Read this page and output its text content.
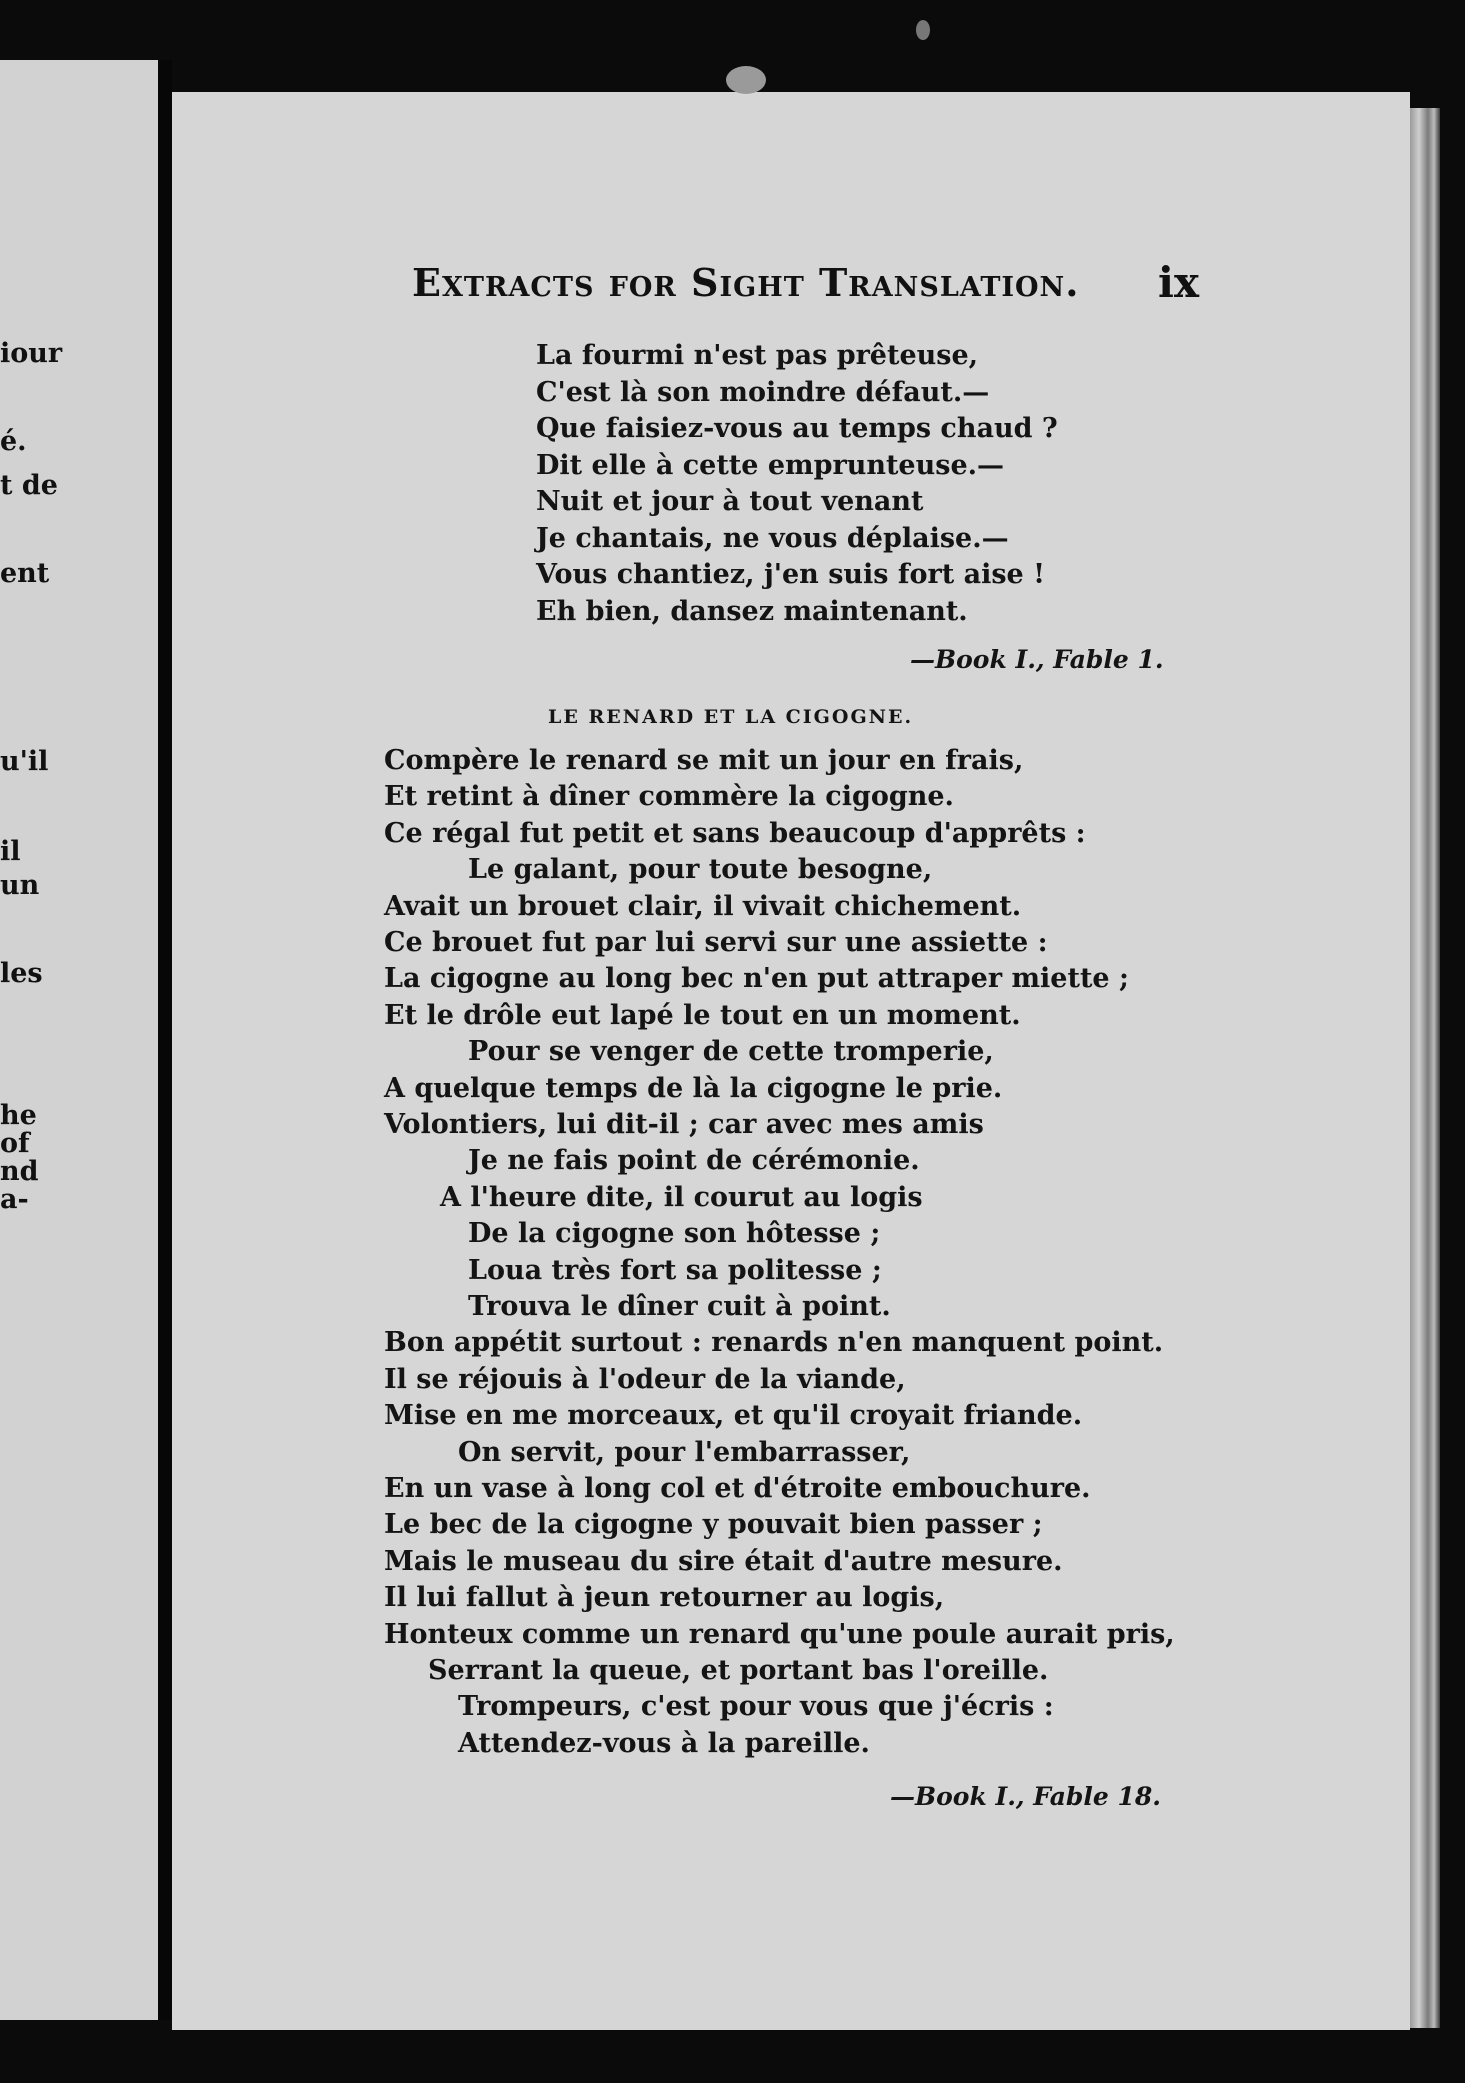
iour
é.
t de
ent
u'il
il
un
les
he
of
nd
a-
Extracts for Sight Translation. ix
La fourmi n'est pas prêteuse,
C'est là son moindre défaut.—
Que faisiez-vous au temps chaud ?
Dit elle à cette emprunteuse.—
Nuit et jour à tout venant
Je chantais, ne vous déplaise.—
Vous chantiez, j'en suis fort aise !
Eh bien, dansez maintenant.
—Book I., Fable 1.
LE RENARD ET LA CIGOGNE.
Compère le renard se mit un jour en frais,
Et retint à dîner commère la cigogne.
Ce régal fut petit et sans beaucoup d'apprêts :
Le galant, pour toute besogne,
Avait un brouet clair, il vivait chichement.
Ce brouet fut par lui servi sur une assiette :
La cigogne au long bec n'en put attraper miette ;
Et le drôle eut lapé le tout en un moment.
Pour se venger de cette tromperie,
A quelque temps de là la cigogne le prie.
Volontiers, lui dit-il ; car avec mes amis
Je ne fais point de cérémonie.
A l'heure dite, il courut au logis
De la cigogne son hôtesse ;
Loua très fort sa politesse ;
Trouva le dîner cuit à point.
Bon appétit surtout : renards n'en manquent point.
Il se réjouis à l'odeur de la viande,
Mise en me morceaux, et qu'il croyait friande.
On servit, pour l'embarrasser,
En un vase à long col et d'étroite embouchure.
Le bec de la cigogne y pouvait bien passer ;
Mais le museau du sire était d'autre mesure.
Il lui fallut à jeun retourner au logis,
Honteux comme un renard qu'une poule aurait pris,
Serrant la queue, et portant bas l'oreille.
Trompeurs, c'est pour vous que j'écris :
Attendez-vous à la pareille.
—Book I., Fable 18.
